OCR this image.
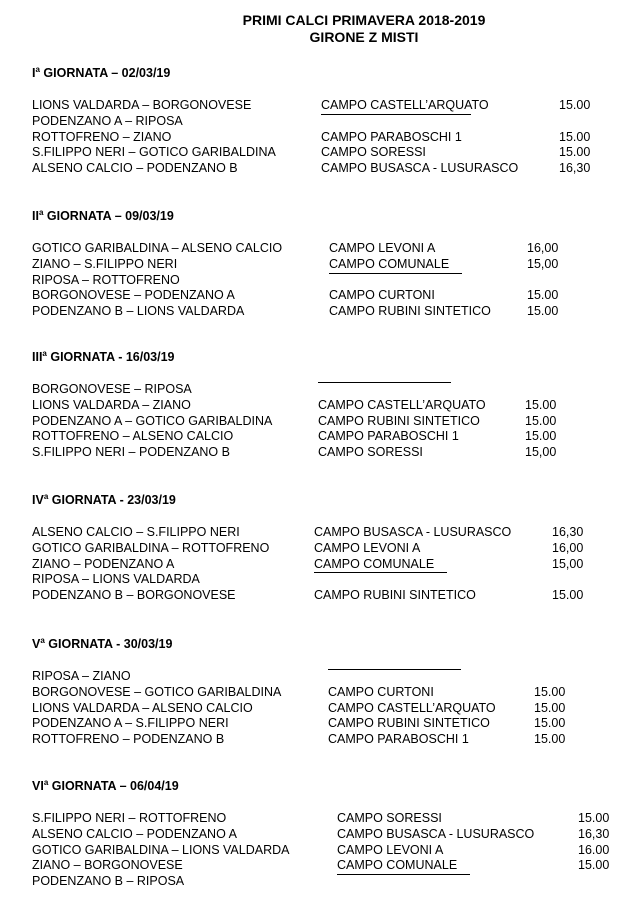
PRIMI CALCI PRIMAVERA 2018-2019
GIRONE Z MISTI
$I^a$ GIORNATA – 02/03/19
LIONS VALDARDA – BORGONOVESE	CAMPO CASTELL’ARQUATO	15.00
PODENZANO A – RIPOSA
ROTTOFRENO – ZIANO	CAMPO PARABOSCHI 1	15.00
S.FILIPPO NERI – GOTICO GARIBALDINA	CAMPO SORESSI	15.00
ALSENO CALCIO – PODENZANO B	CAMPO BUSASCA - LUSURASCO	16,30
$II^a$ GIORNATA – 09/03/19
GOTICO GARIBALDINA – ALSENO CALCIO	CAMPO LEVONI A	16,00
ZIANO – S.FILIPPO NERI	CAMPO COMUNALE	15,00
RIPOSA – ROTTOFRENO
BORGONOVESE – PODENZANO A	CAMPO CURTONI	15.00
PODENZANO B – LIONS VALDARDA	CAMPO RUBINI SINTETICO	15.00
III$^a$ GIORNATA - 16/03/19
BORGONOVESE – RIPOSA
LIONS VALDARDA – ZIANO	CAMPO CASTELL’ARQUATO	15.00
PODENZANO A – GOTICO GARIBALDINA	CAMPO RUBINI SINTETICO	15.00
ROTTOFRENO – ALSENO CALCIO	CAMPO PARABOSCHI 1	15.00
S.FILIPPO NERI – PODENZANO B	CAMPO SORESSI	15,00
$IV^a$ GIORNATA - 23/03/19
ALSENO CALCIO – S.FILIPPO NERI	CAMPO BUSASCA - LUSURASCO	16,30
GOTICO GARIBALDINA – ROTTOFRENO	CAMPO LEVONI A	16,00
ZIANO – PODENZANO A	CAMPO COMUNALE	15,00
RIPOSA – LIONS VALDARDA
PODENZANO B – BORGONOVESE	CAMPO RUBINI SINTETICO	15.00
$V^a$ GIORNATA - 30/03/19
RIPOSA – ZIANO
BORGONOVESE – GOTICO GARIBALDINA	CAMPO CURTONI	15.00
LIONS VALDARDA – ALSENO CALCIO	CAMPO CASTELL’ARQUATO	15.00
PODENZANO A – S.FILIPPO NERI	CAMPO RUBINI SINTETICO	15.00
ROTTOFRENO – PODENZANO B	CAMPO PARABOSCHI 1	15.00
$VI^a$ GIORNATA – 06/04/19
S.FILIPPO NERI – ROTTOFRENO	CAMPO SORESSI	15.00
ALSENO CALCIO – PODENZANO A	CAMPO BUSASCA - LUSURASCO	16,30
GOTICO GARIBALDINA – LIONS VALDARDA	CAMPO LEVONI A	16.00
ZIANO – BORGONOVESE	CAMPO COMUNALE	15.00
PODENZANO B – RIPOSA
